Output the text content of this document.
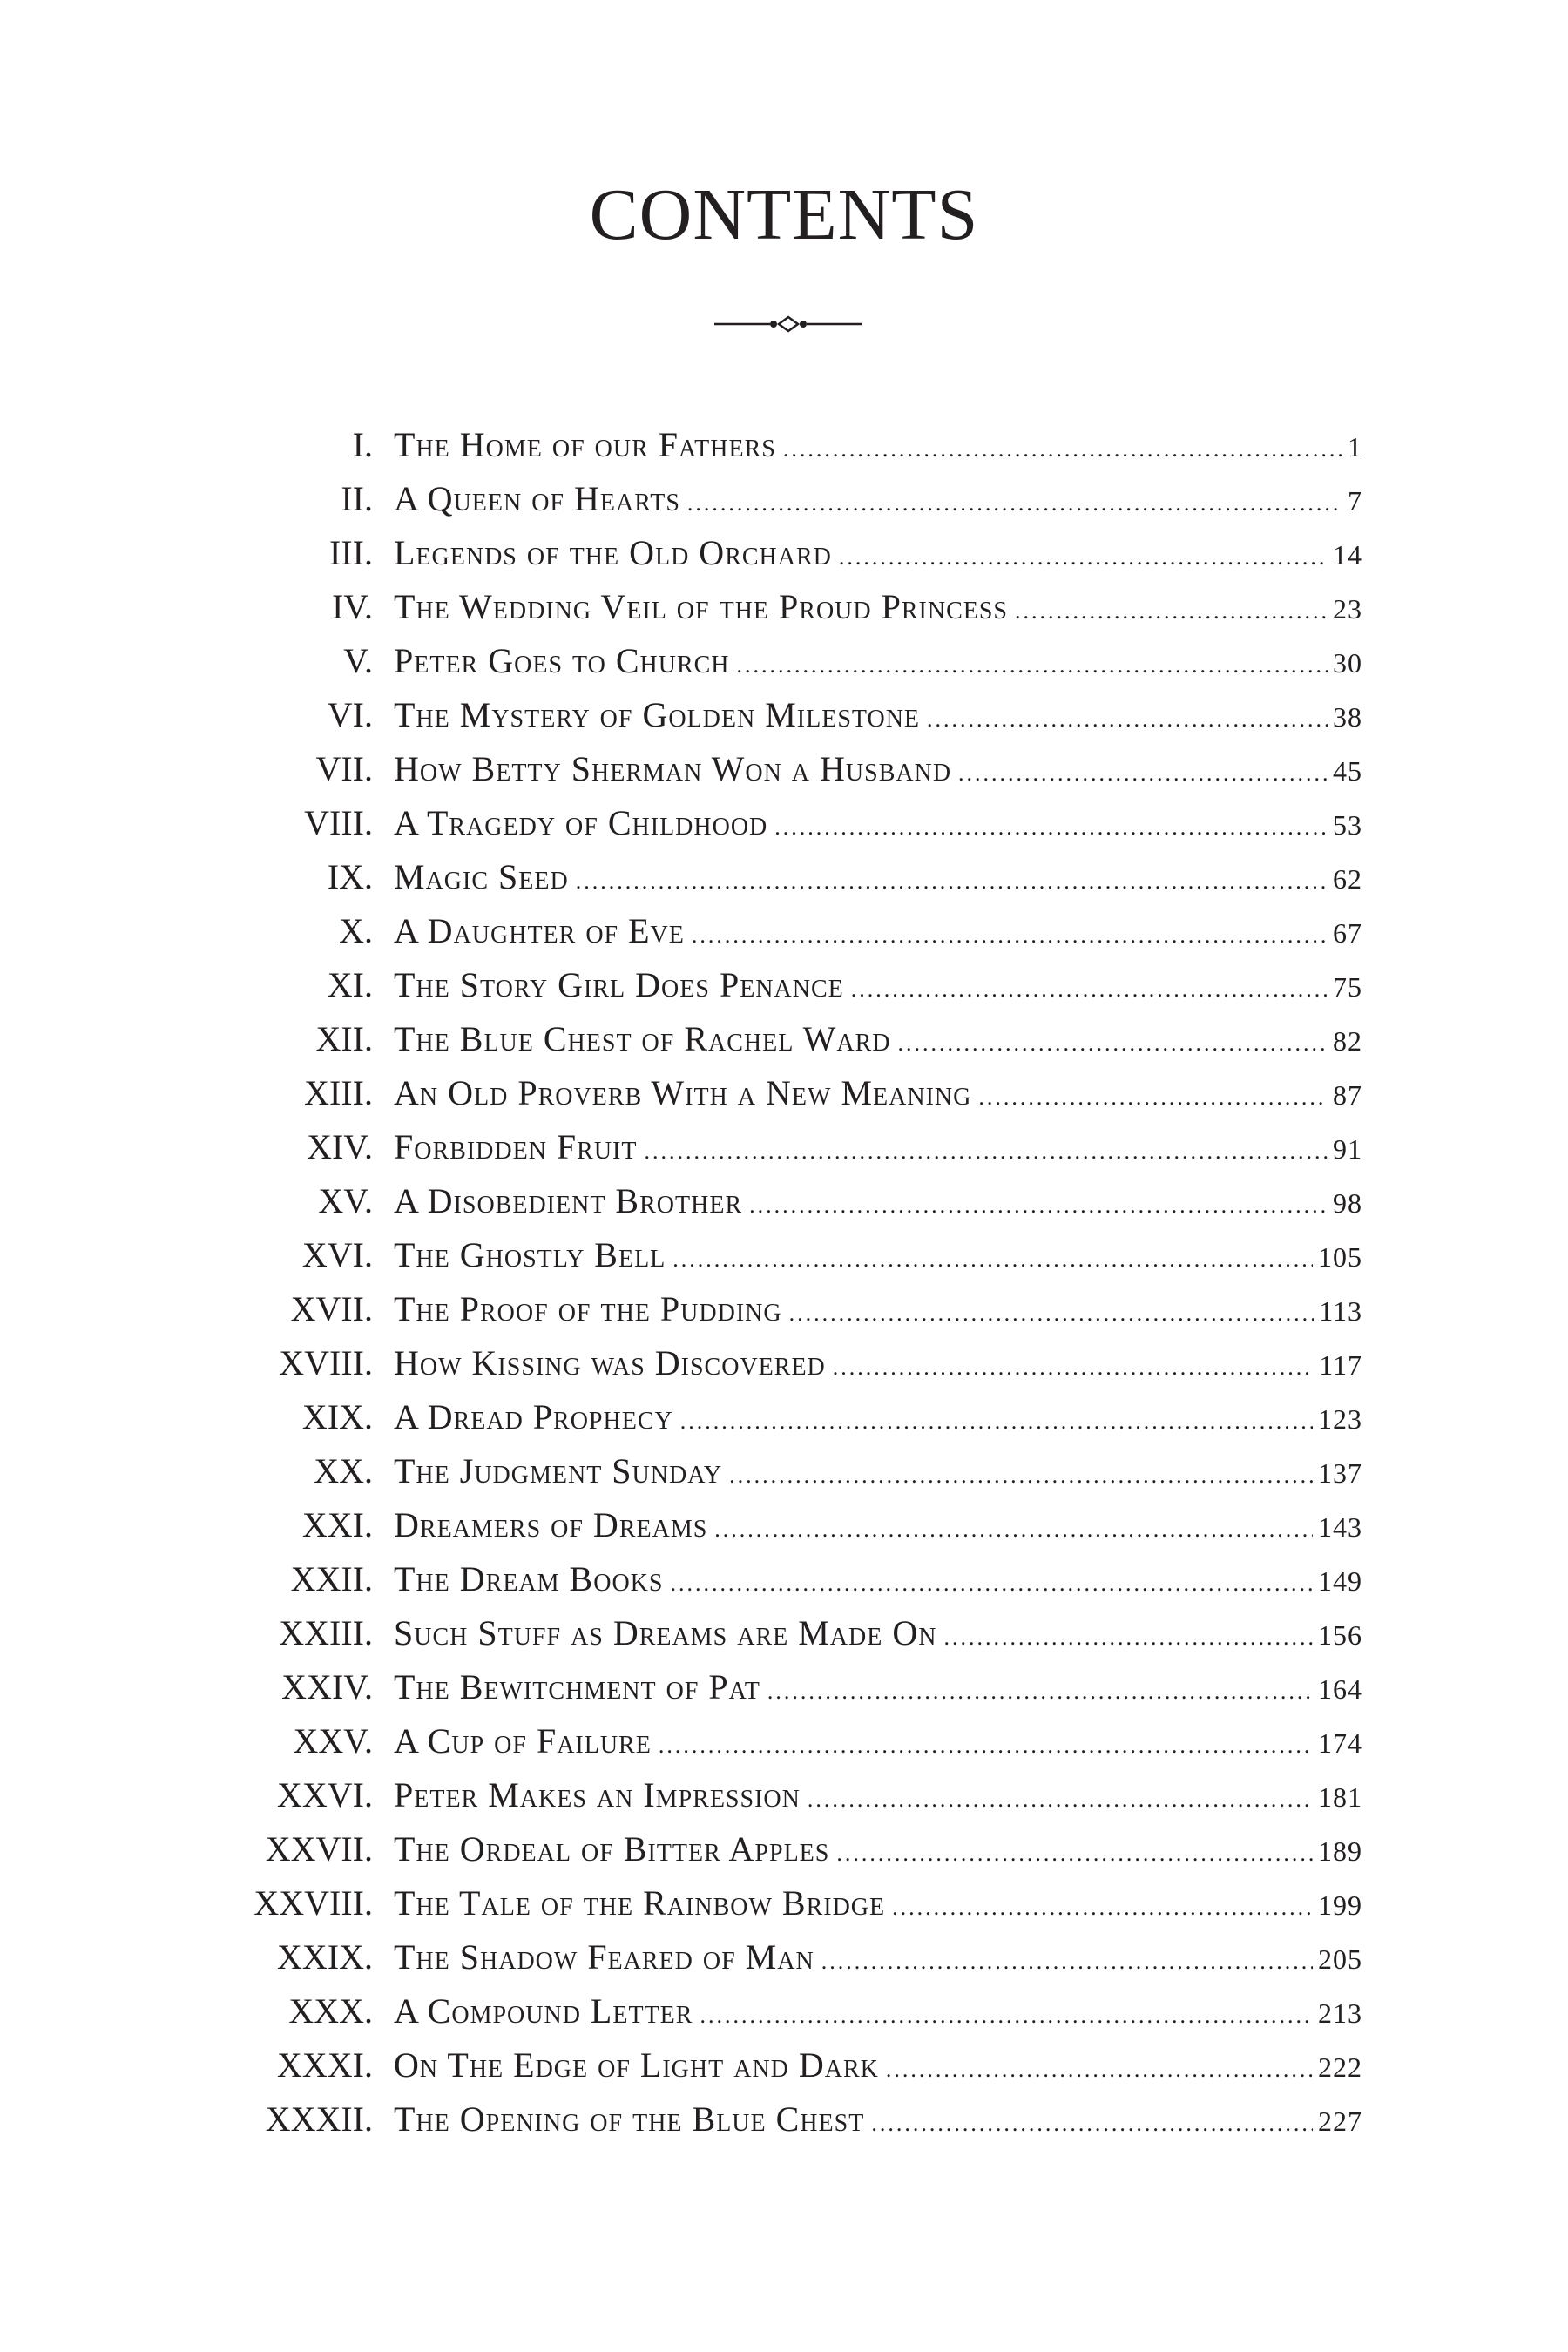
CONTENTS
I. The Home of our Fathers .....	1
II. A Queen of Hearts .....	7
III. Legends of the Old Orchard .....	14
IV. The Wedding Veil of the Proud Princess .....	23
V. Peter Goes to Church .....	30
VI. The Mystery of Golden Milestone .....	38
VII. How Betty Sherman Won a Husband .....	45
VIII. A Tragedy of Childhood .....	53
IX. Magic Seed .....	62
X. A Daughter of Eve .....	67
XI. The Story Girl Does Penance .....	75
XII. The Blue Chest of Rachel Ward .....	82
XIII. An Old Proverb With a New Meaning .....	87
XIV. Forbidden Fruit .....	91
XV. A Disobedient Brother .....	98
XVI. The Ghostly Bell .....	105
XVII. The Proof of the Pudding .....	113
XVIII. How Kissing was Discovered .....	117
XIX. A Dread Prophecy .....	123
XX. The Judgment Sunday .....	137
XXI. Dreamers of Dreams .....	143
XXII. The Dream Books .....	149
XXIII. Such Stuff as Dreams are Made On .....	156
XXIV. The Bewitchment of Pat .....	164
XXV. A Cup of Failure .....	174
XXVI. Peter Makes an Impression .....	181
XXVII. The Ordeal of Bitter Apples .....	189
XXVIII. The Tale of the Rainbow Bridge .....	199
XXIX. The Shadow Feared of Man .....	205
XXX. A Compound Letter .....	213
XXXI. On The Edge of Light and Dark .....	222
XXXII. The Opening of the Blue Chest .....	227
